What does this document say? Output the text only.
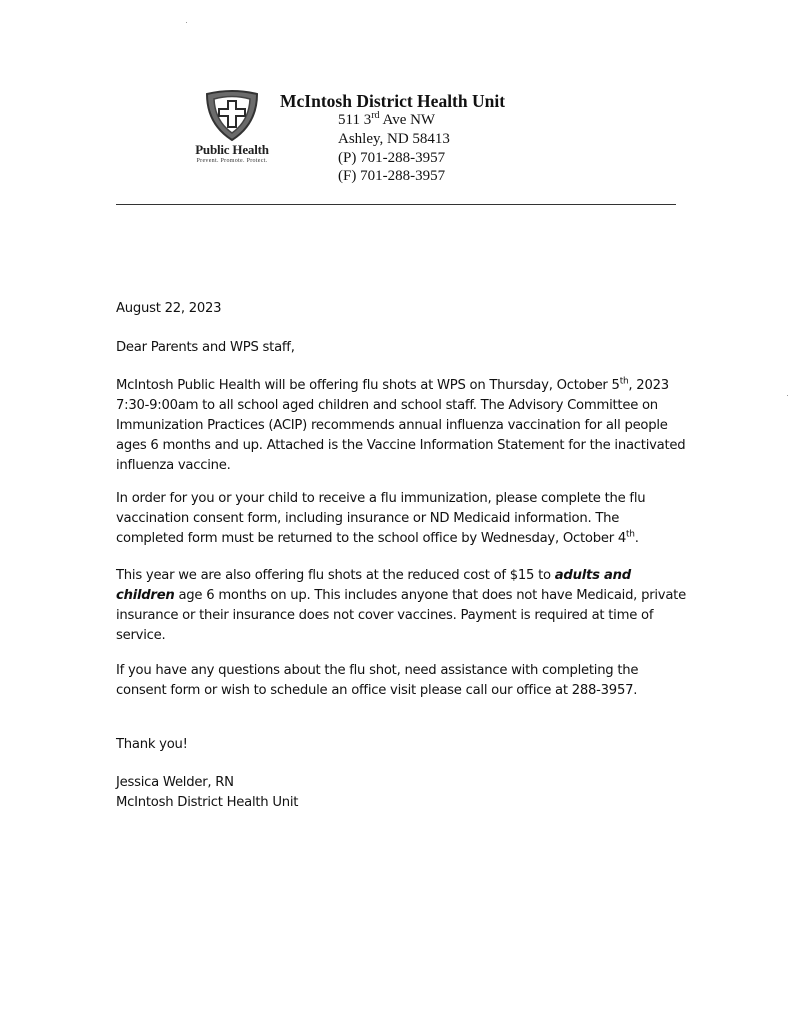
Public Health
Prevent. Promote. Protect.
McIntosh District Health Unit
511 3rd Ave NW
Ashley, ND 58413
(P) 701-288-3957
(F) 701-288-3957
August 22, 2023
Dear Parents and WPS staff,
McIntosh Public Health will be offering flu shots at WPS on Thursday, October 5th, 2023 7:30-9:00am to all school aged children and school staff. The Advisory Committee on Immunization Practices (ACIP) recommends annual influenza vaccination for all people ages 6 months and up. Attached is the Vaccine Information Statement for the inactivated influenza vaccine.
In order for you or your child to receive a flu immunization, please complete the flu vaccination consent form, including insurance or ND Medicaid information. The completed form must be returned to the school office by Wednesday, October 4th.
This year we are also offering flu shots at the reduced cost of $15 to adults and children age 6 months on up. This includes anyone that does not have Medicaid, private insurance or their insurance does not cover vaccines. Payment is required at time of service.
If you have any questions about the flu shot, need assistance with completing the consent form or wish to schedule an office visit please call our office at 288-3957.
Thank you!
Jessica Welder, RN
McIntosh District Health Unit
